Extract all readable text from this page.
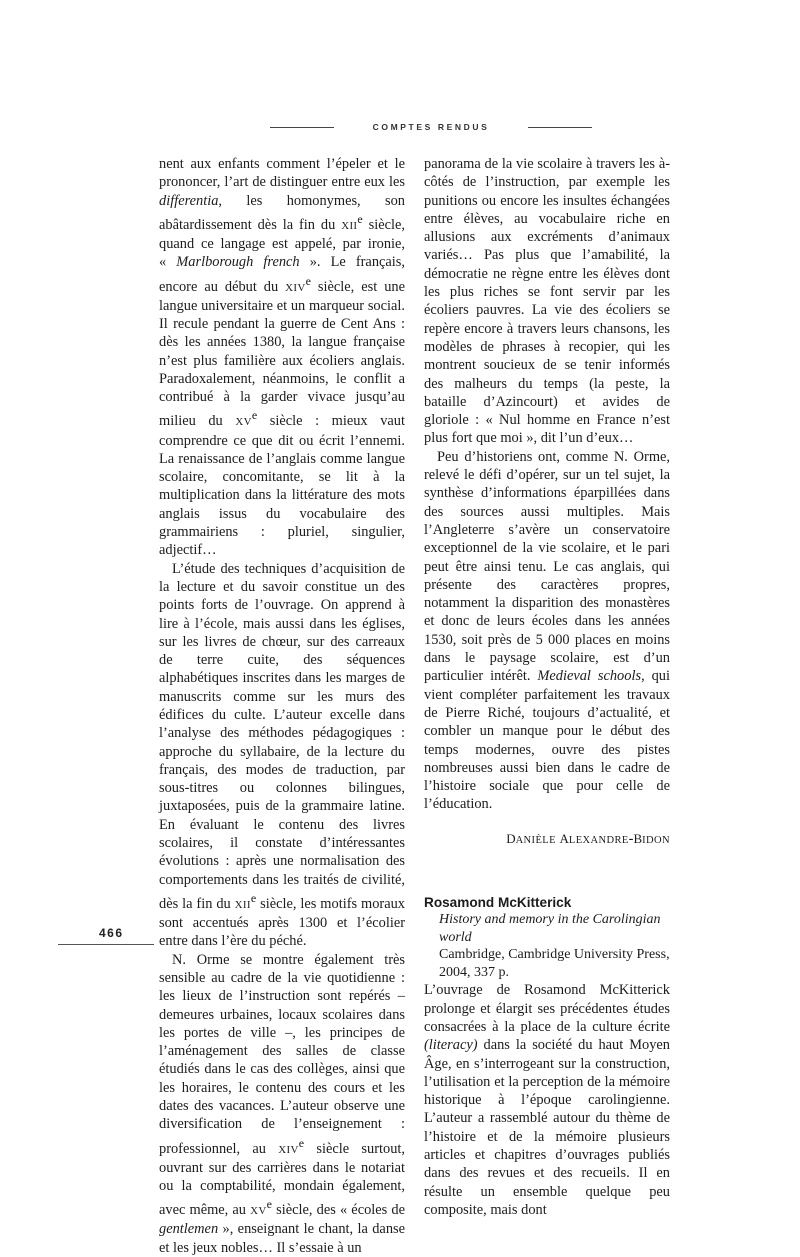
COMPTES RENDUS

nent aux enfants comment l’épeler et le prononcer, l’art de distinguer entre eux les differentia, les homonymes, son abâtardissement dès la fin du XIIe siècle, quand ce langage est appelé, par ironie, « Marlborough french ». Le français, encore au début du XIVe siècle, est une langue universitaire et un marqueur social. Il recule pendant la guerre de Cent Ans : dès les années 1380, la langue française n’est plus familière aux écoliers anglais. Paradoxalement, néanmoins, le conflit a contribué à la garder vivace jusqu’au milieu du XVe siècle : mieux vaut comprendre ce que dit ou écrit l’ennemi. La renaissance de l’anglais comme langue scolaire, concomitante, se lit à la multiplication dans la littérature des mots anglais issus du vocabulaire des grammairiens : pluriel, singulier, adjectif…

L’étude des techniques d’acquisition de la lecture et du savoir constitue un des points forts de l’ouvrage. On apprend à lire à l’école, mais aussi dans les églises, sur les livres de chœur, sur des carreaux de terre cuite, des séquences alphabétiques inscrites dans les marges de manuscrits comme sur les murs des édifices du culte. L’auteur excelle dans l’analyse des méthodes pédagogiques : approche du syllabaire, de la lecture du français, des modes de traduction, par sous-titres ou colonnes bilingues, juxtaposées, puis de la grammaire latine. En évaluant le contenu des livres scolaires, il constate d’intéressantes évolutions : après une normalisation des comportements dans les traités de civilité, dès la fin du XIIe siècle, les motifs moraux sont accentués après 1300 et l’écolier entre dans l’ère du péché.

N. Orme se montre également très sensible au cadre de la vie quotidienne : les lieux de l’instruction sont repérés – demeures urbaines, locaux scolaires dans les portes de ville –, les principes de l’aménagement des salles de classe étudiés dans le cas des collèges, ainsi que les horaires, le contenu des cours et les dates des vacances. L’auteur observe une diversification de l’enseignement : professionnel, au XIVe siècle surtout, ouvrant sur des carrières dans le notariat ou la comptabilité, mondain également, avec même, au XVe siècle, des « écoles de gentlemen », enseignant le chant, la danse et les jeux nobles… Il s’essaie à un

panorama de la vie scolaire à travers les à-côtés de l’instruction, par exemple les punitions ou encore les insultes échangées entre élèves, au vocabulaire riche en allusions aux excréments d’animaux variés… Pas plus que l’amabilité, la démocratie ne règne entre les élèves dont les plus riches se font servir par les écoliers pauvres. La vie des écoliers se repère encore à travers leurs chansons, les modèles de phrases à recopier, qui les montrent soucieux de se tenir informés des malheurs du temps (la peste, la bataille d’Azincourt) et avides de gloriole : « Nul homme en France n’est plus fort que moi », dit l’un d’eux…

Peu d’historiens ont, comme N. Orme, relevé le défi d’opérer, sur un tel sujet, la synthèse d’informations éparpillées dans des sources aussi multiples. Mais l’Angleterre s’avère un conservatoire exceptionnel de la vie scolaire, et le pari peut être ainsi tenu. Le cas anglais, qui présente des caractères propres, notamment la disparition des monastères et donc de leurs écoles dans les années 1530, soit près de 5 000 places en moins dans le paysage scolaire, est d’un particulier intérêt. Medieval schools, qui vient compléter parfaitement les travaux de Pierre Riché, toujours d’actualité, et combler un manque pour le début des temps modernes, ouvre des pistes nombreuses aussi bien dans le cadre de l’histoire sociale que pour celle de l’éducation.

DANIÈLE ALEXANDRE-BIDON
Rosamond McKitterick
History and memory in the Carolingian world
Cambridge, Cambridge University Press,
2004, 337 p.

L’ouvrage de Rosamond McKitterick prolonge et élargit ses précédentes études consacrées à la place de la culture écrite (literacy) dans la société du haut Moyen Âge, en s’interrogeant sur la construction, l’utilisation et la perception de la mémoire historique à l’époque carolingienne. L’auteur a rassemblé autour du thème de l’histoire et de la mémoire plusieurs articles et chapitres d’ouvrages publiés dans des revues et des recueils. Il en résulte un ensemble quelque peu composite, mais dont

466
